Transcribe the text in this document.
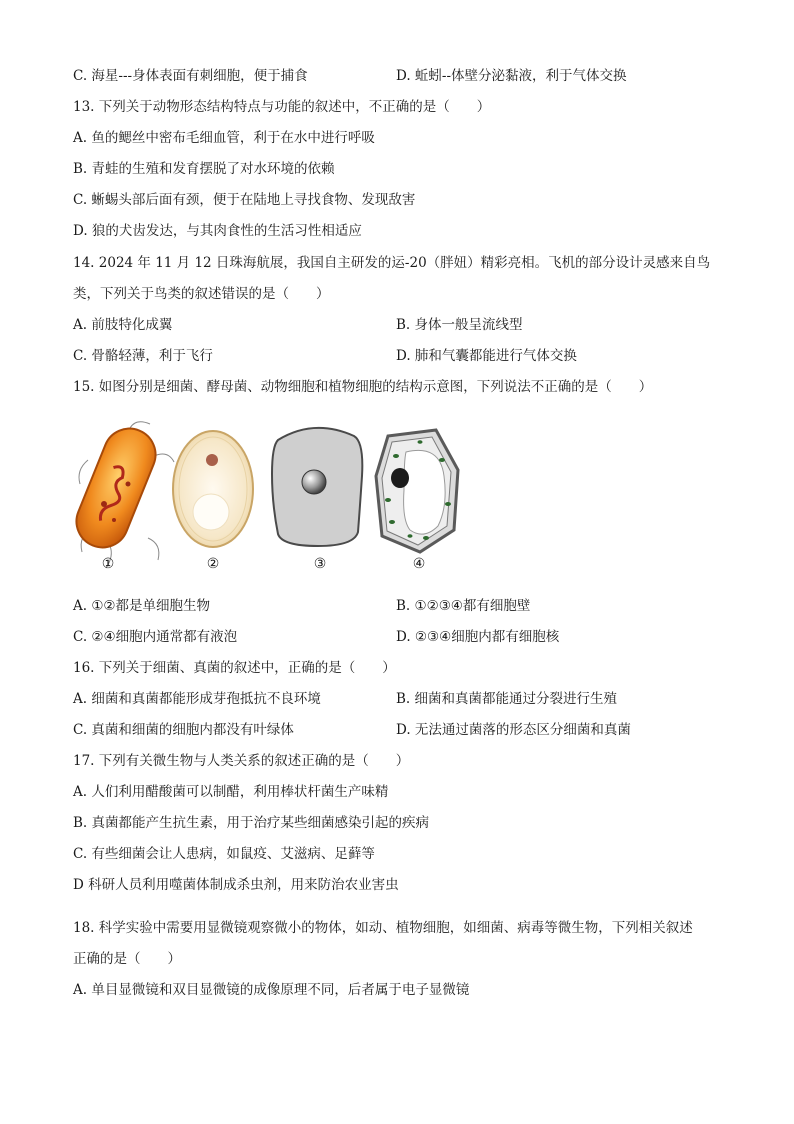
C. 海星---身体表面有刺细胞，便于捕食	D. 蚯蚓--体壁分泌黏液，利于气体交换
13. 下列关于动物形态结构特点与功能的叙述中，不正确的是（　　）
A. 鱼的鳃丝中密布毛细血管，利于在水中进行呼吸
B. 青蛙的生殖和发育摆脱了对水环境的依赖
C. 蜥蜴头部后面有颈，便于在陆地上寻找食物、发现敌害
D. 狼的犬齿发达，与其肉食性的生活习性相适应
14. 2024 年 11 月 12 日珠海航展，我国自主研发的运-20（胖妞）精彩亮相。飞机的部分设计灵感来自鸟
类，下列关于鸟类的叙述错误的是（　　）
A. 前肢特化成翼	B. 身体一般呈流线型
C. 骨骼轻薄，利于飞行	D. 肺和气囊都能进行气体交换
15. 如图分别是细菌、酵母菌、动物细胞和植物细胞的结构示意图，下列说法不正确的是（　　）
①	②	③	④
A. ①②都是单细胞生物	B. ①②③④都有细胞壁
C. ②④细胞内通常都有液泡	D. ②③④细胞内都有细胞核
16. 下列关于细菌、真菌的叙述中，正确的是（　　）
A. 细菌和真菌都能形成芽孢抵抗不良环境	B. 细菌和真菌都能通过分裂进行生殖
C. 真菌和细菌的细胞内都没有叶绿体	D. 无法通过菌落的形态区分细菌和真菌
17. 下列有关微生物与人类关系的叙述正确的是（　　）
A. 人们利用醋酸菌可以制醋，利用棒状杆菌生产味精
B. 真菌都能产生抗生素，用于治疗某些细菌感染引起的疾病
C. 有些细菌会让人患病，如鼠疫、艾滋病、足藓等
D 科研人员利用噬菌体制成杀虫剂，用来防治农业害虫
18. 科学实验中需要用显微镜观察微小的物体，如动、植物细胞，如细菌、病毒等微生物，下列相关叙述
正确的是（　　）
A. 单目显微镜和双目显微镜的成像原理不同，后者属于电子显微镜
